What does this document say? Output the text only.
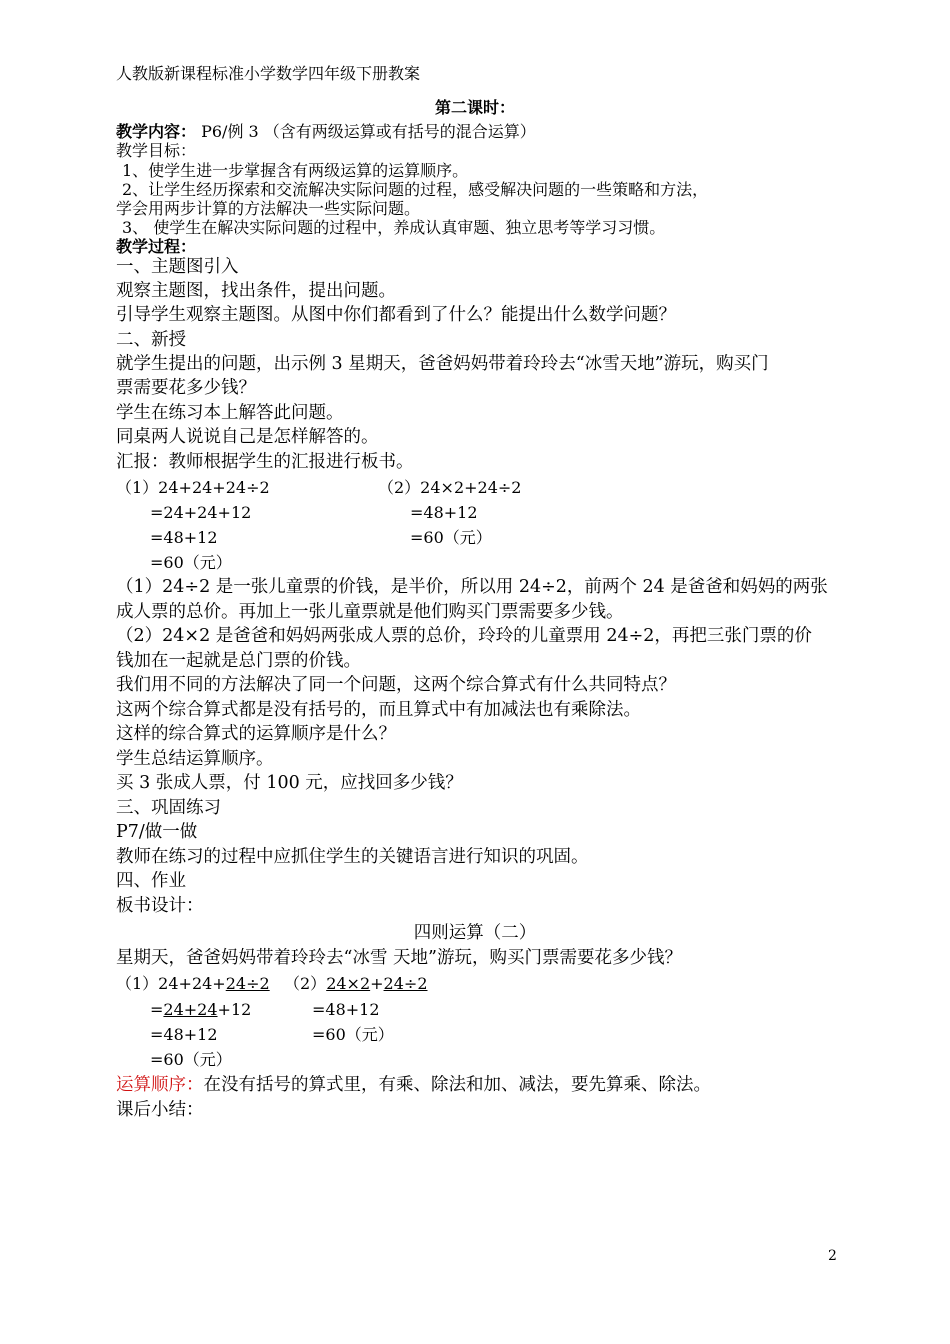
人教版新课程标准小学数学四年级下册教案
第二课时：
教学内容： P6/例 3 （含有两级运算或有括号的混合运算）
教学目标：
1、使学生进一步掌握含有两级运算的运算顺序。
2、让学生经历探索和交流解决实际问题的过程，感受解决问题的一些策略和方法，
学会用两步计算的方法解决一些实际问题。
3、 使学生在解决实际问题的过程中，养成认真审题、独立思考等学习习惯。
教学过程：
一、主题图引入
观察主题图，找出条件，提出问题。
引导学生观察主题图。从图中你们都看到了什么？能提出什么数学问题？
二、新授
就学生提出的问题，出示例 3 星期天，爸爸妈妈带着玲玲去“冰雪天地”游玩，购买门
票需要花多少钱？
学生在练习本上解答此问题。
同桌两人说说自己是怎样解答的。
汇报：教师根据学生的汇报进行板书。
（1）24+24+24÷2
=24+24+12
=48+12
=60（元）
（2）24×2+24÷2
=48+12
=60（元）
（1）24÷2 是一张儿童票的价钱，是半价，所以用 24÷2，前两个 24 是爸爸和妈妈的两张
成人票的总价。再加上一张儿童票就是他们购买门票需要多少钱。
（2）24×2 是爸爸和妈妈两张成人票的总价，玲玲的儿童票用 24÷2，再把三张门票的价
钱加在一起就是总门票的价钱。
我们用不同的方法解决了同一个问题，这两个综合算式有什么共同特点？
这两个综合算式都是没有括号的，而且算式中有加减法也有乘除法。
这样的综合算式的运算顺序是什么？
学生总结运算顺序。
买 3 张成人票，付 100 元，应找回多少钱？
三、巩固练习
P7/做一做
教师在练习的过程中应抓住学生的关键语言进行知识的巩固。
四、作业
板书设计：
四则运算（二）
星期天，爸爸妈妈带着玲玲去“冰雪 天地”游玩，购买门票需要花多少钱？
（1）24+24+24÷2 （2）24×2+24÷2
=24+24+12	=48+12
=48+12	=60（元）
=60（元）
运算顺序：在没有括号的算式里，有乘、除法和加、减法，要先算乘、除法。
课后小结：
2
